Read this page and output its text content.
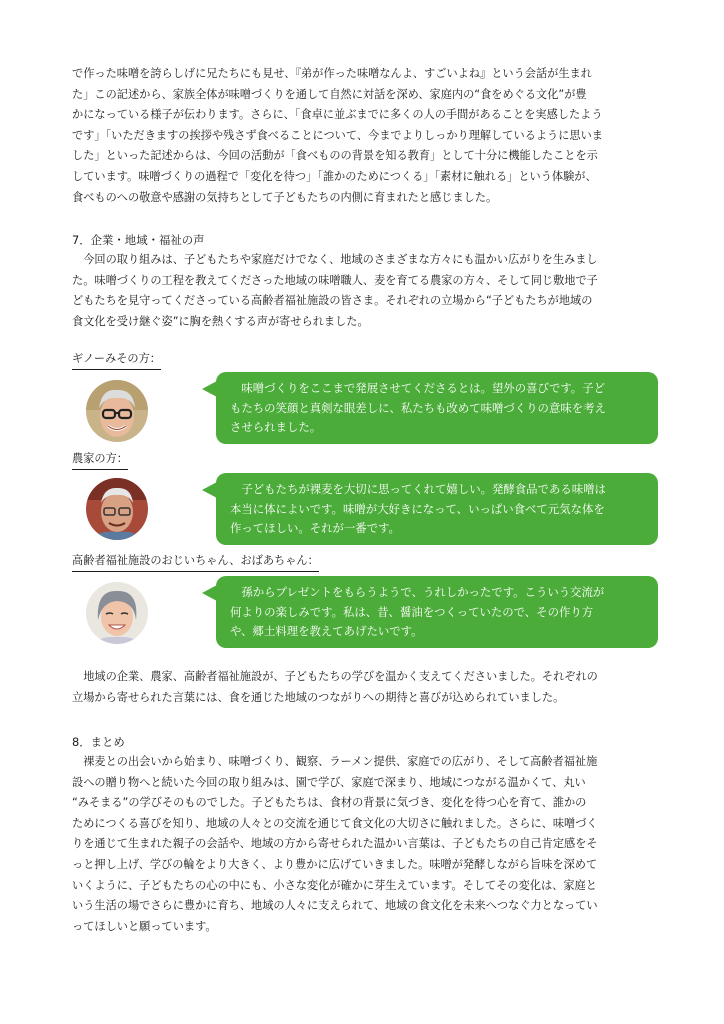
で作った味噌を誇らしげに兄たちにも見せ、『弟が作った味噌なんよ、すごいよね』という会話が生まれ
た」この記述から、家族全体が味噌づくりを通して自然に対話を深め、家庭内の“食をめぐる文化”が豊
かになっている様子が伝わります。さらに、「食卓に並ぶまでに多くの人の手間があることを実感したよう
です」「いただきますの挨拶や残さず食べることについて、今までよりしっかり理解しているように思いま
した」といった記述からは、今回の活動が「食べものの背景を知る教育」として十分に機能したことを示
しています。味噌づくりの過程で「変化を待つ」「誰かのためにつくる」「素材に触れる」という体験が、
食べものへの敬意や感謝の気持ちとして子どもたちの内側に育まれたと感じました。
7．企業・地域・福祉の声
　今回の取り組みは、子どもたちや家庭だけでなく、地域のさまざまな方々にも温かい広がりを生みまし
た。味噌づくりの工程を教えてくださった地域の味噌職人、麦を育てる農家の方々、そして同じ敷地で子
どもたちを見守ってくださっている高齢者福祉施設の皆さま。それぞれの立場から“子どもたちが地域の
食文化を受け継ぐ姿”に胸を熱くする声が寄せられました。
ギノーみその方：
　味噌づくりをここまで発展させてくださるとは。望外の喜びです。子ど
もたちの笑顔と真剣な眼差しに、私たちも改めて味噌づくりの意味を考え
させられました。
農家の方：
　子どもたちが裸麦を大切に思ってくれて嬉しい。発酵食品である味噌は
本当に体によいです。味噌が大好きになって、いっぱい食べて元気な体を
作ってほしい。それが一番です。
高齢者福祉施設のおじいちゃん、おばあちゃん：
　孫からプレゼントをもらうようで、うれしかったです。こういう交流が
何よりの楽しみです。私は、昔、醤油をつくっていたので、その作り方
や、郷土料理を教えてあげたいです。
　地域の企業、農家、高齢者福祉施設が、子どもたちの学びを温かく支えてくださいました。それぞれの
立場から寄せられた言葉には、食を通じた地域のつながりへの期待と喜びが込められていました。
8．まとめ
　裸麦との出会いから始まり、味噌づくり、観察、ラーメン提供、家庭での広がり、そして高齢者福祉施
設への贈り物へと続いた今回の取り組みは、園で学び、家庭で深まり、地域につながる温かくて、丸い
“みそまる”の学びそのものでした。子どもたちは、食材の背景に気づき、変化を待つ心を育て、誰かの
ためにつくる喜びを知り、地域の人々との交流を通じて食文化の大切さに触れました。さらに、味噌づく
りを通じて生まれた親子の会話や、地域の方から寄せられた温かい言葉は、子どもたちの自己肯定感をそ
っと押し上げ、学びの輪をより大きく、より豊かに広げていきました。味噌が発酵しながら旨味を深めて
いくように、子どもたちの心の中にも、小さな変化が確かに芽生えています。そしてその変化は、家庭と
いう生活の場でさらに豊かに育ち、地域の人々に支えられて、地域の食文化を未来へつなぐ力となってい
ってほしいと願っています。
